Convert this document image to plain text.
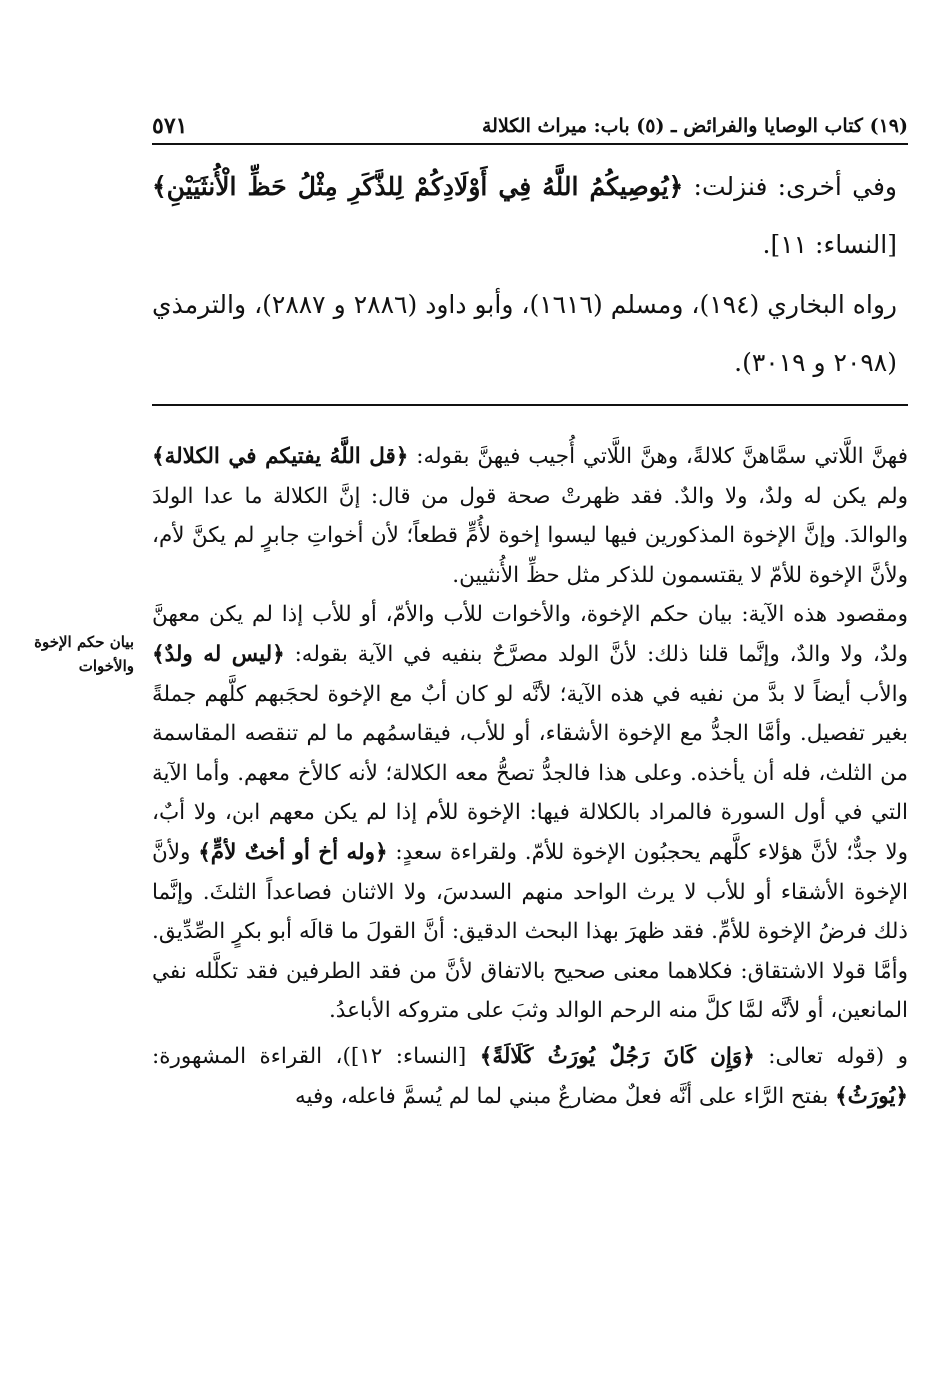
(١٩) كتاب الوصايا والفرائض ـ (٥) باب: ميراث الكلالة
٥٧١

وفي أخرى: فنزلت: ﴿يُوصِيكُمُ اللَّهُ فِي أَوْلَادِكُمْ لِلذَّكَرِ مِثْلُ حَظِّ الْأُنثَيَيْنِ﴾ [النساء: ١١].

رواه البخاري (١٩٤)، ومسلم (١٦١٦)، وأبو داود (٢٨٨٦ و ٢٨٨٧)، والترمذي (٢٠٩٨ و ٣٠١٩).

بيان حكم الإخوة والأخوات

فهنَّ اللَّاتي سمَّاهنَّ كلالةً، وهنَّ اللَّاتي أُجيب فيهنَّ بقوله: ﴿قل اللَّهُ يفتيكم في الكلالة﴾ ولم يكن له ولدٌ، ولا والدٌ. فقد ظهرتْ صحة قول من قال: إنَّ الكلالة ما عدا الولدَ والوالدَ. وإنَّ الإخوة المذكورين فيها ليسوا إخوة لأُمٍّ قطعاً؛ لأن أخواتِ جابرٍ لم يكنَّ لأم، ولأنَّ الإخوة للأمّ لا يقتسمون للذكر مثل حظِّ الأُنثيين.

ومقصود هذه الآية: بيان حكم الإخوة، والأخوات للأب والأمّ، أو للأب إذا لم يكن معهنَّ ولدٌ، ولا والدٌ، وإنَّما قلنا ذلك: لأنَّ الولد مصرَّحٌ بنفيه في الآية بقوله: ﴿ليس له ولدٌ﴾ والأب أيضاً لا بدَّ من نفيه في هذه الآية؛ لأنَّه لو كان أبٌ مع الإخوة لحجَبهم كلَّهم جملةً بغير تفصيل. وأمَّا الجدُّ مع الإخوة الأشقاء، أو للأب، فيقاسمُهم ما لم تنقصه المقاسمة من الثلث، فله أن يأخذه. وعلى هذا فالجدُّ تصحُّ معه الكلالة؛ لأنه كالأخ معهم. وأما الآية التي في أول السورة فالمراد بالكلالة فيها: الإخوة للأم إذا لم يكن معهم ابن، ولا أبٌ، ولا جدٌّ؛ لأنَّ هؤلاء كلَّهم يحجبُون الإخوة للأمّ. ولقراءة سعدٍ: ﴿وله أخ أو أختٌ لأمٍّ﴾ ولأنَّ الإخوة الأشقاء أو للأب لا يرث الواحد منهم السدسَ، ولا الاثنان فصاعداً الثلثَ. وإنَّما ذلك فرضُ الإخوة للأمِّ. فقد ظهرَ بهذا البحث الدقيق: أنَّ القولَ ما قالَه أبو بكرٍ الصِّدِّيق. وأمَّا قولا الاشتقاق: فكلاهما معنى صحيح بالاتفاق لأنَّ من فقد الطرفين فقد تكلَّله نفي المانعين، أو لأنَّه لمَّا كلَّ منه الرحم الوالد وثبَ على متروكه الأباعدُ.

و (قوله تعالى: ﴿وَإِن كَانَ رَجُلٌ يُورَثُ كَلَالَةً﴾ [النساء: ١٢])، القراءة المشهورة: ﴿يُورَثُ﴾ بفتح الرَّاء على أنَّه فعلٌ مضارعٌ مبني لما لم يُسمَّ فاعله، وفيه
